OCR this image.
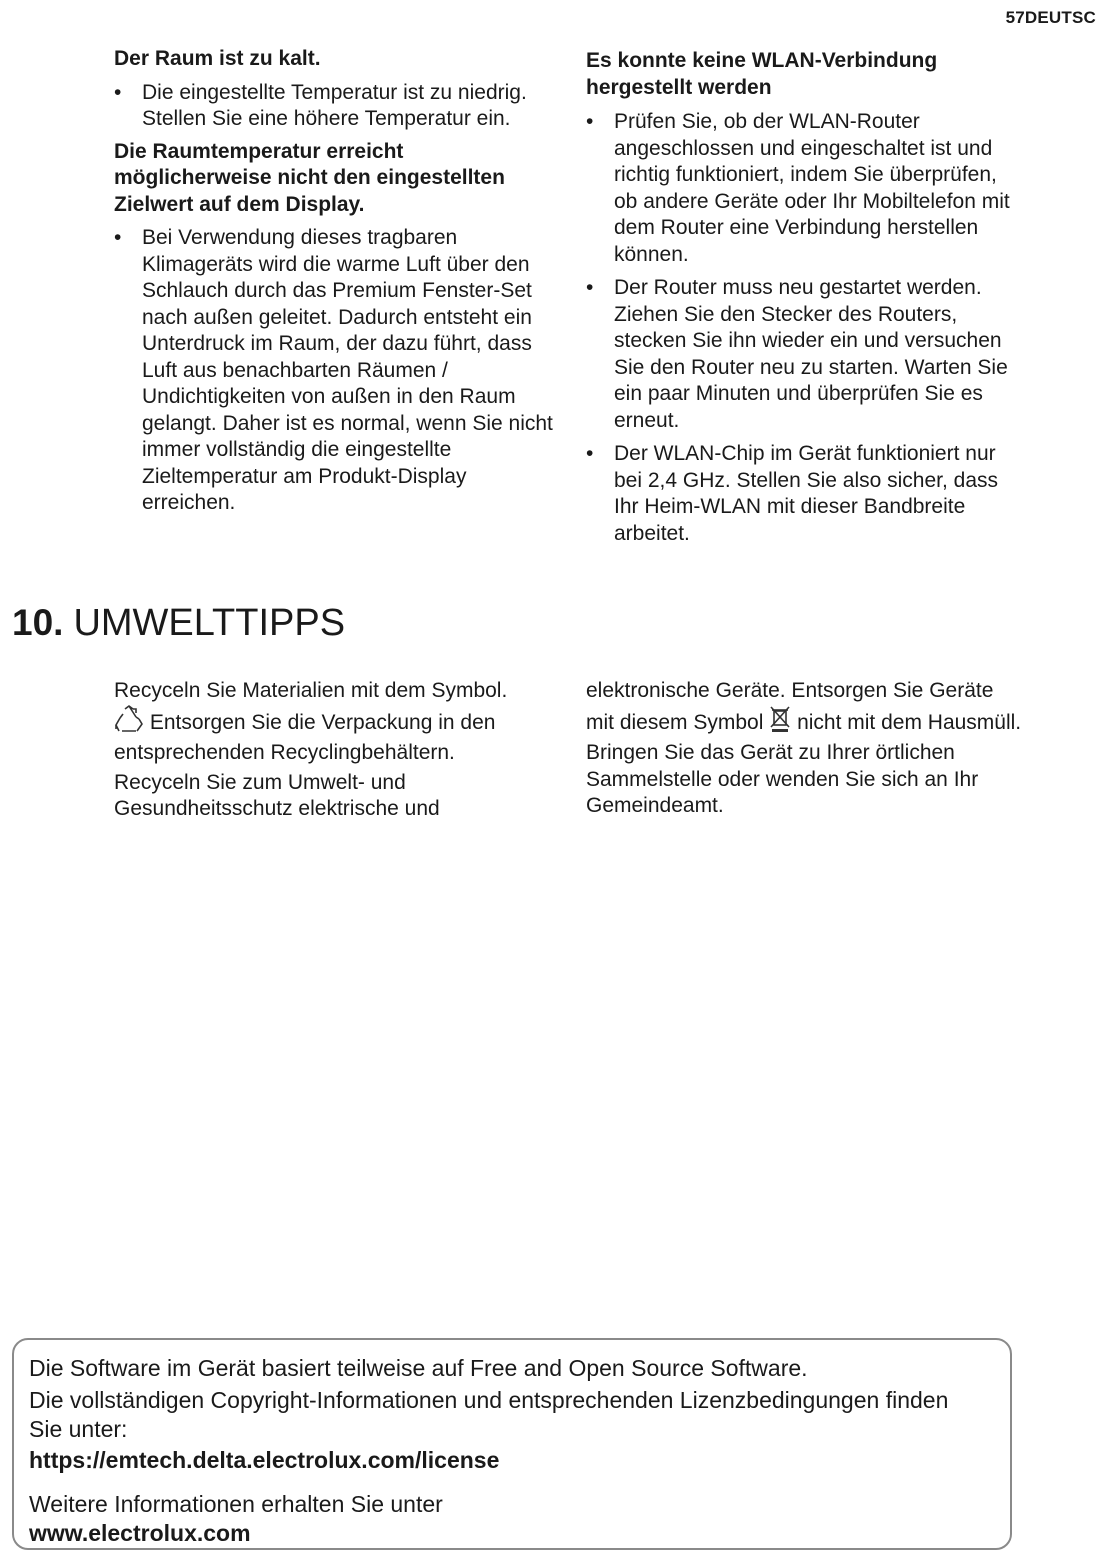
57DEUTSC

Der Raum ist zu kalt.

• Die eingestellte Temperatur ist zu niedrig. Stellen Sie eine höhere Temperatur ein.

Die Raumtemperatur erreicht möglicherweise nicht den eingestellten Zielwert auf dem Display.

• Bei Verwendung dieses tragbaren Klimageräts wird die warme Luft über den Schlauch durch das Premium Fenster-Set nach außen geleitet. Dadurch entsteht ein Unterdruck im Raum, der dazu führt, dass Luft aus benachbarten Räumen / Undichtigkeiten von außen in den Raum gelangt. Daher ist es normal, wenn Sie nicht immer vollständig die eingestellte Zieltemperatur am Produkt-Display erreichen.

Es konnte keine WLAN-Verbindung hergestellt werden

• Prüfen Sie, ob der WLAN-Router angeschlossen und eingeschaltet ist und richtig funktioniert, indem Sie überprüfen, ob andere Geräte oder Ihr Mobiltelefon mit dem Router eine Verbindung herstellen können.
• Der Router muss neu gestartet werden. Ziehen Sie den Stecker des Routers, stecken Sie ihn wieder ein und versuchen Sie den Router neu zu starten. Warten Sie ein paar Minuten und überprüfen Sie es erneut.
• Der WLAN-Chip im Gerät funktioniert nur bei 2,4 GHz. Stellen Sie also sicher, dass Ihr Heim-WLAN mit dieser Bandbreite arbeitet.
10. UMWELTTIPPS
Recyceln Sie Materialien mit dem Symbol.
Entsorgen Sie die Verpackung in den entsprechenden Recyclingbehältern.
Recyceln Sie zum Umwelt- und Gesundheitsschutz elektrische und
elektronische Geräte. Entsorgen Sie Geräte mit diesem Symbol nicht mit dem Hausmüll. Bringen Sie das Gerät zu Ihrer örtlichen Sammelstelle oder wenden Sie sich an Ihr Gemeindeamt.

Die Software im Gerät basiert teilweise auf Free and Open Source Software.

Die vollständigen Copyright-Informationen und entsprechenden Lizenzbedingungen finden Sie unter:

https://emtech.delta.electrolux.com/license

Weitere Informationen erhalten Sie unter

www.electrolux.com
